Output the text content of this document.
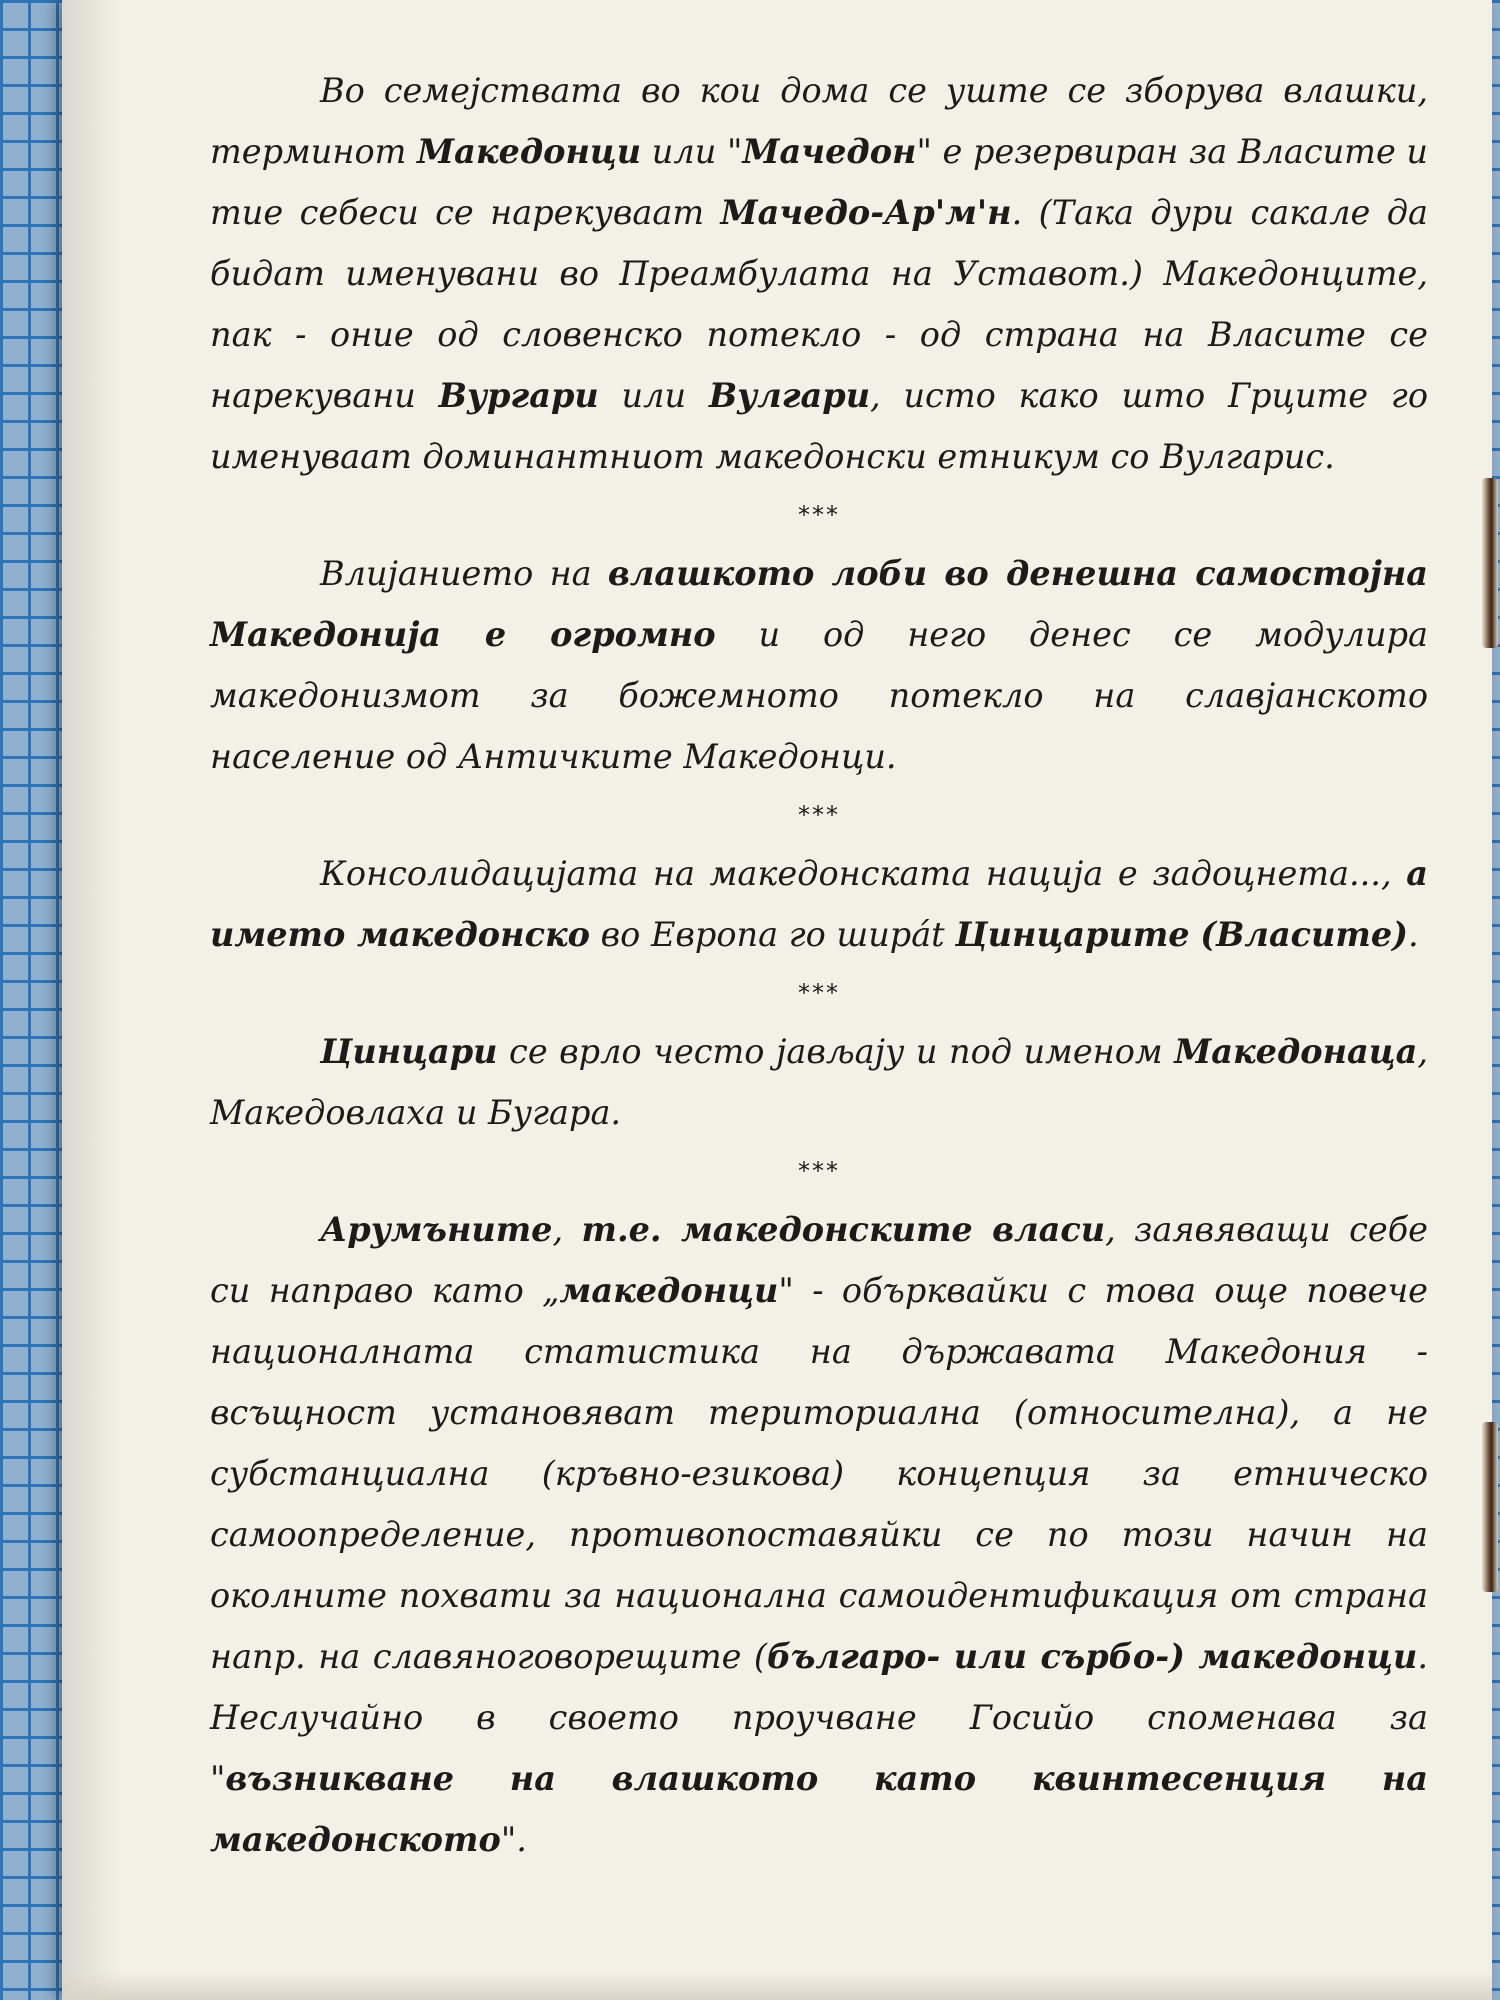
Во семејствата во кои дома се уште се зборува влашки, терминот Македонци или "Мачедон" е резервиран за Власите и тие себеси се нарекуваат Мачедо-Ар'м'н. (Така дури сакале да бидат именувани во Преамбулата на Уставот.) Македонците, пак - оние од словенско потекло - од страна на Власите се нарекувани Вургари или Вулгари, исто како што Грците го именуваат доминантниот македонски етникум со Вулгарис.

***

Влијанието на влашкото лоби во денешна самостојна Македонија е огромно и од него денес се модулира македонизмот за божемното потекло на славјанското население од Античките Македонци.

***

Консолидацијата на македонската нација е задоцнета..., а името македонско во Европа го ширát Цинцарите (Власите).

***

Цинцари се врло често јављају и под именом Македонаца, Македовлаха и Бугара.

***

Арумъните, т.е. македонските власи, заявяващи себе си направо като „македонци" - обърквайки с това още повече националната статистика на държавата Македония - всъщност установяват териториална (относителна), а не субстанциална (кръвно-езикова) концепция за етническо самоопределение, противопоставяйки се по този начин на околните похвати за национална самоидентификация от страна напр. на славяноговорещите (българо- или сърбо-) македонци. Неслучайно в своето проучване Госийо споменава за "възникване на влашкото като квинтесенция на македонското".
